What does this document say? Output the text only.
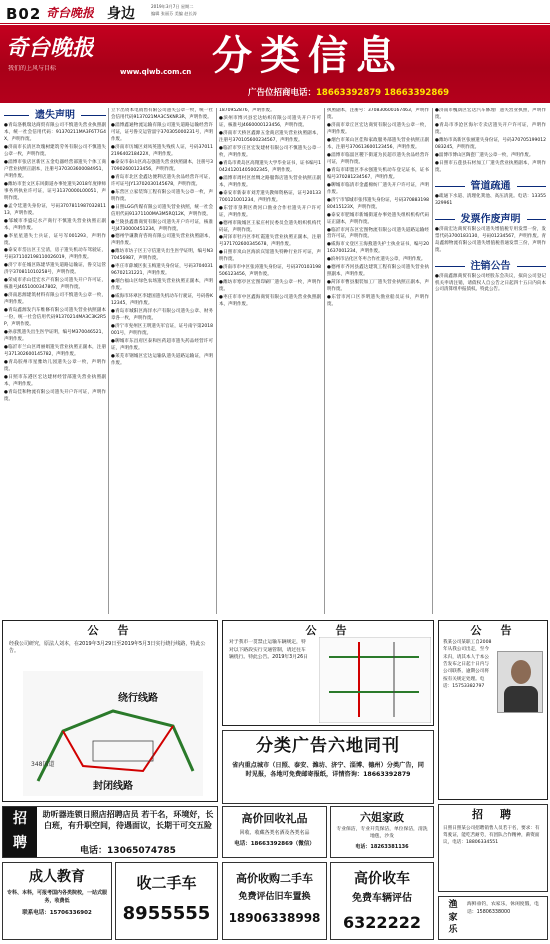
B02 奇台晚报 身边	2019年3月7日 星期二
编辑 张丽芬 美编 赵长涛
奇台晚报
我们的上风与目标	www.qlwb.com.cn 分类信息
广告位招商电话：18663392879 18663392869
遗失声明

●青岛洛帆瑞达商贸有限公司不慎遗失营业执照副本，统一社会信用代码：91370211MA3F6T7G4X，声明作废。

●济南市长清区玫瑰树建筑劳务有限公司不慎遗失公章一枚，声明作废。

●淄博市张店区新区五金电器经营部遗失个体工商户营业执照正副本，注册号370303600084951，声明作废。

●潍坊市奎文区东风街道办事处遗失2018年度律师事务所执业许可证，证号31370000L00051，声明作废。

●孟令廷遗失身份证，号码370781198703281113，声明作废。

●邹城市李盛记水产商行不慎遗失营业执照正副本，声明作废。

●李星星遗失士兵证，证号军001293，声明作废。

●泰安市岱岳区王宝清，房子遗失机动车驾驶证，号码371102198110026019，声明作废。

●济宁市任城区陈建华遗失道路运输证，鲁交运管济字370811010258号，声明作废。

●荣成市赤山佳宏水产有限公司遗失开户许可证，核准号J4651000347802，声明作废。

●济南思源建筑材料有限公司不慎遗失公章一枚，声明作废。

●青岛鑫源发汽车维修有限公司遗失营业执照副本一份，统一社会信用代码91370214MA3C3K2R5P，声明作废。

●孙彦凯遗失出生医学证明，编号M370046521，声明作废。

●临沂市兰山区周丽娟遗失营业执照正副本，注册号371302600145782，声明作废。

●青岛胶州市星雅幼儿园遗失公章一枚，声明作废。

●日照市东港区宏达建材经营部遗失营业执照副本，声明作废。

●青岛佳和物流有限公司遗失开户许可证，声明作废。

立卡出资本电销售有限公司遗失公章一枚，统一社会信用代码9137021MA3C5KNR3R，声明作废。

●淄博鑫通物流运输有限公司遗失道路运输经营许可证，证号鲁交运管淄字370305000231号，声明作废。

●济南市历城区刘凤英遗失残疾人证，号码37011219640218422X，声明作废。

●泰安市泰山区高志强遗失营业执照副本，注册号370902600123456，声明作废。

●青岛市北区金鑫达便利店遗失食品经营许可证，许可证号JY13702030145678，声明作废。

●东营区立家装饰工程有限公司遗失公章一枚，声明作废。

●日照LGG传媒有限公司遗失营业执照，统一社会信用代码91371100MA3M5RQ12K，声明作废。

●兰陵县鑫鼎商贸有限公司遗失开户许可证，核准号J4730000451234，声明作废。

●德州学谦教育咨询有限公司遗失营业执照副本，声明作废。

●潍坊市坊子区王守信遗失出生医学证明，编号N370456987，声明作废。

●枣庄市薛城区张玉梅遗失身份证，号码370403196702131221，声明作废。

●烟台福山区绿色农场遗失营业执照正副本，声明作废。

●威海市环翠区李建国遗失机动车行驶证，号码鲁K12345，声明作废。

●青岛市城阳区海洋水产有限公司遗失公章、财务章各一枚，声明作废。

●济宁市兖州区王明遗失军官证，证号南字第2018001号，声明作废。

●聊城市东昌府区泰和医药超市遗失药品经营许可证，声明作废。

●莱芜市钢城区宏达运输队遗失道路运输证，声明作废。

1870952876，声明作废。

●滨州市博兴县宏达纺织有限公司遗失开户许可证，核准号J4660000123456，声明作废。

●济南市天桥区鑫源五金商店遗失营业执照副本，注册号370105600234567，声明作废。

●临沂市罗庄区宏发建材有限公司不慎遗失公章一枚，声明作废。

●青岛市黄岛区高翔遗失大学毕业证书，证书编号104241201405002345，声明作废。

●淄博市周村区丝绸之路服饰店遗失营业执照正副本，声明作废。

●泰安市新泰市刘芳遗失教师资格证，证号20133700121001234，声明作废。

●东营市垦利区黄河口渔业合作社遗失开户许可证，声明作废。

●德州市陵城区王家庄村民委员会遗失组织机构代码证，声明作废。

●菏泽市牡丹区李红霞遗失营业执照正副本，注册号371702600345678，声明作废。

●日照市岚山区海滨宾馆遗失特种行业许可证，声明作废。

●济南市市中区张涛遗失身份证，号码370103198506123456，声明作废。

●潍坊市寒亭区宏图印刷厂遗失公章一枚，声明作废。

●枣庄市市中区鑫海商贸有限公司遗失营业执照副本，声明作废。

执照副本，注册号：370830600167463，声明作废。

●济南市章丘区宏达商贸有限公司遗失公章一枚，声明作废。

●烟台市莱山区佳和家政服务部遗失营业执照正副本，注册号370613600123456，声明作废。

●淄博市临淄区稷下街道为民超市遗失食品经营许可证，声明作废。

●青岛市即墨区李永强遗失机动车登记证书，证书编号370281234567，声明作废。

●聊城市临清市金鑫棉纺厂遗失开户许可证，声明作废。

●济宁市邹城市张伟遗失身份证，号码37088319880415123X，声明作废。

●泰安市肥城市新城街道办事处遗失组织机构代码证正副本，声明作废。

●临沂市河东区宏图物流有限公司遗失道路运输经营许可证，声明作废。

●威海市文登区王海燕遗失护士执业证书，编号201637001234，声明作废。

●滨州市沾化区冬枣合作社遗失公章，声明作废。

●德州市齐河县鑫达建筑工程有限公司遗失营业执照副本，声明作废。

●菏泽市曹县服装加工厂遗失营业执照正副本，声明作废。

●东营市河口区李明遗失渔业船员证书，声明作废。

●济南市槐荫区宏达汽车修理厂遗失营业执照，声明作废。

●青岛市李沧区海尔专卖店遗失开户许可证，声明作废。

●潍坊市高新区张丽遗失身份证，号码370705199012083245，声明作废。

●淄博市博山区陶瓷厂遗失公章一枚，声明作废。

●日照市五莲县石材加工厂遗失营业执照副本，声明作废。

管道疏通

●疏通下水道、清理化粪池、高压清洗。电话：13355329961

发票作废声明

●济南宏达商贸有限公司遗失增值税专用发票一份，发票代码3700183130，号码01234567，声明作废。青岛鑫源物流有限公司遗失增值税普通发票三份，声明作废。

注销公告

●济南鑫源商贸有限公司经股东会决议，拟向公司登记机关申请注销，请债权人自公告之日起四十五日内向本公司清算组申报债权。特此公告。

公　告
经我公司研究，原法人刘本，在2019年3月29日至2019年5月3日实行绕行线路，特此公告。
348国道
绕行线路
封闭线路
公　告
对于我市一贯禁止运输车辆规定，特对以下路段实行交通管制，请过往车辆绕行。特此公告。2019年3月26日
公　告
我某公司某职工自2008年从我公司出走，至今未归，请其本人于本公告发布之日起十日内与公司联系，逾期公司将按有关规定处理。电话：15753382797
分类广告六地同刊
省内重点城市（日照、泰安、潍坊、济宁、淄博、德州）分类广告，同时见报，各地可免费邮寄报纸，详情咨询：18663392879
招
聘
助听器连锁日照店招聘店员 若干名，环境好，长白班，有升职空间，待遇面议，长期干可交五险
电话：13065074785
高价回收礼品
回收、收藏各类名酒及各类名品
电话：18663392869（微信）
六姐家政
专业保洁，专业开荒保洁，单位保洁，清洗地毯，沙发
电话：18263381136
招　聘
日照日照某公司招聘销售人员若干名，要求：有驾驶证，能吃苦耐劳，有团队合作精神，薪资面议，电话：18806334551
成人教育
专科、本科，可报考国内各类院校，一站式服务，收费低
联系电话：15706336902
收二手车
8955555
高价收购二手车
免费评估旧车置换
18906338998
高价收车
免费车辆评估
6322222
渔
家
乐
海鲜垂钓，农家乐，休闲度假，电话：15806338000
